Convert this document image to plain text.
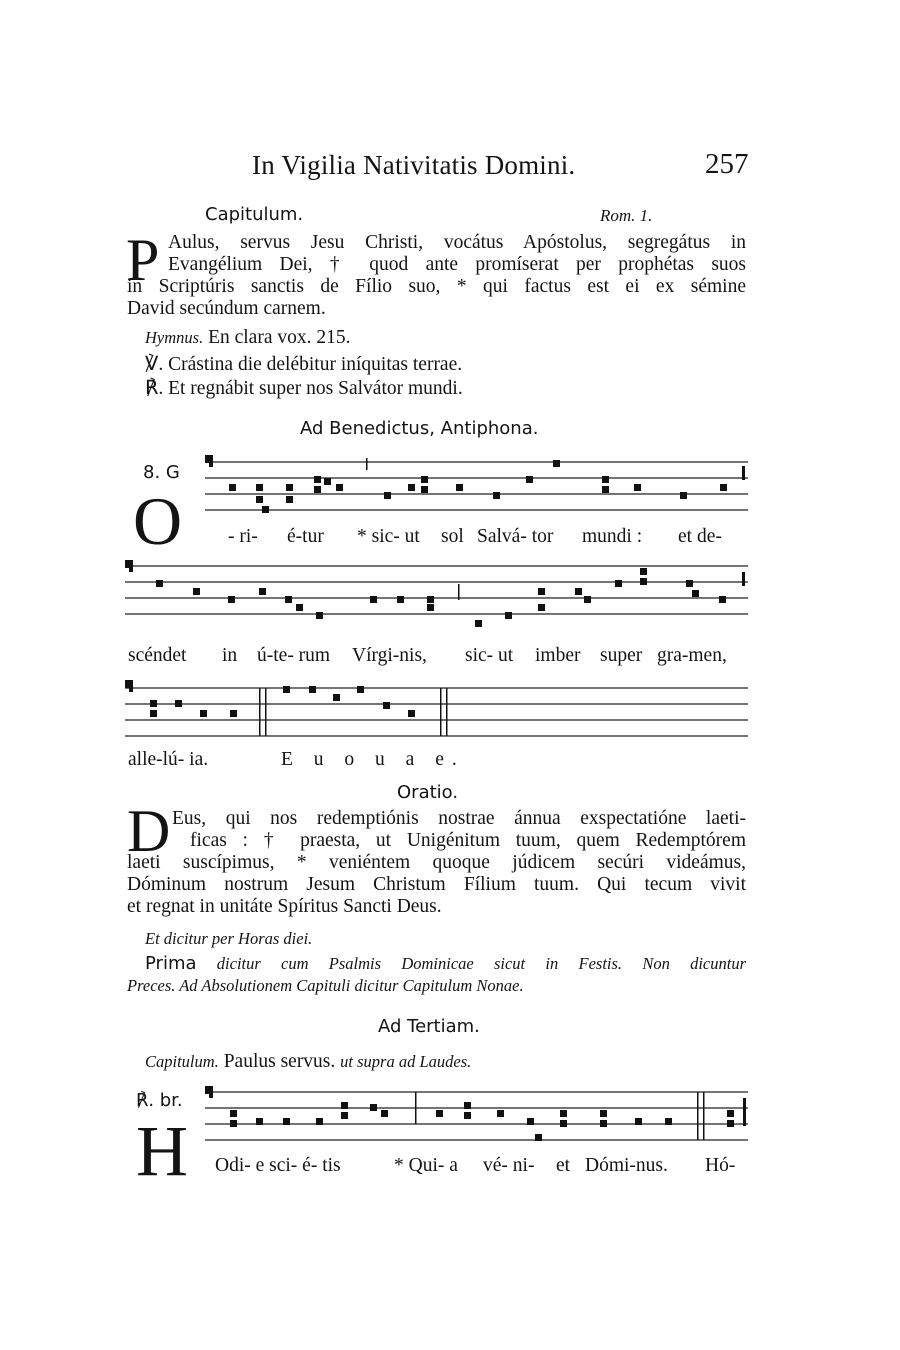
In Vigilia Nativitatis Domini.	257
Capitulum.	Rom. 1.
P Aulus, servus Jesu Christi, vocátus Apóstolus, segregátus in
Evangélium Dei, † quod ante promíserat per prophétas suos
in Scriptúris sanctis de Fílio suo, * qui factus est ei ex sémine
David secúndum carnem.
Hymnus. En clara vox. 215.
℣. Crástina die delébitur iníquitas terrae.
℟. Et regnábit super nos Salvátor mundi.
Ad Benedictus, Antiphona.
8. G
O - ri- é-tur * sic- ut sol Salvá- tor mundi : et de-
scéndet in ú-te- rum Vírgi-nis, sic- ut imber super gra-men,
alle-lú- ia.	E u o u a e.
Oratio.
D Eus, qui nos redemptiónis nostrae ánnua exspectatióne laeti-
ficas : † praesta, ut Unigénitum tuum, quem Redemptórem
laeti suscípimus, * veniéntem quoque júdicem secúri videámus,
Dóminum nostrum Jesum Christum Fílium tuum. Qui tecum vivit
et regnat in unitáte Spíritus Sancti Deus.
Et dicitur per Horas diei.
Prima dicitur cum Psalmis Dominicae sicut in Festis. Non dicuntur
Preces. Ad Absolutionem Capituli dicitur Capitulum Nonae.
Ad Tertiam.
Capitulum. Paulus servus. ut supra ad Laudes.
℟. br.
H Odi- e sci- é- tis	* Qui- a vé- ni- et Dómi-nus. Hó-
